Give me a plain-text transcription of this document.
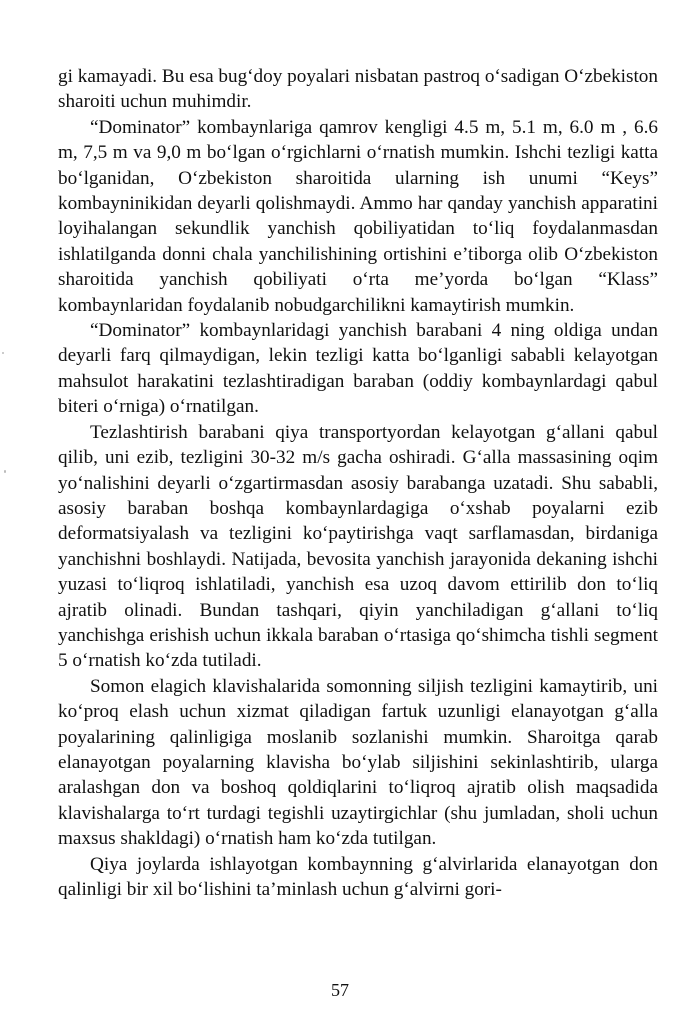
gi kamayadi. Bu esa bug‘doy poyalari nisbatan pastroq o‘sadigan O‘zbekiston sharoiti uchun muhimdir.

“Dominator” kombaynlariga qamrov kengligi 4.5 m, 5.1 m, 6.0 m , 6.6 m, 7,5 m va 9,0 m bo‘lgan o‘rgichlarni o‘rnatish mumkin. Ishchi tezligi katta bo‘lganidan, O‘zbekiston sharoitida ularning ish unumi “Keys” kombayninikidan deyarli qolishmaydi. Ammo har qanday yanchish apparatini loyihalangan sekundlik yanchish qobiliyatidan to‘liq foydalanmasdan ishlatilganda donni chala yanchilishining ortishini e’tiborga olib O‘zbekiston sharoitida yanchish qobiliyati o‘rta me’yorda bo‘lgan “Klass” kombaynlaridan foydalanib nobudgarchilikni kamaytirish mumkin.

“Dominator” kombaynlaridagi yanchish barabani 4 ning oldiga undan deyarli farq qilmaydigan, lekin tezligi katta bo‘lganligi sababli kelayotgan mahsulot harakatini tezlashtiradigan baraban (oddiy kombaynlardagi qabul biteri o‘rniga) o‘rnatilgan.

Tezlashtirish barabani qiya transportyordan kelayotgan g‘allani qabul qilib, uni ezib, tezligini 30-32 m/s gacha oshiradi. G‘alla massasining oqim yo‘nalishini deyarli o‘zgartirmasdan asosiy barabanga uzatadi. Shu sababli, asosiy baraban boshqa kombaynlardagiga o‘xshab poyalarni ezib deformatsiyalash va tezligini ko‘paytirishga vaqt sarflamasdan, birdaniga yanchishni boshlaydi. Natijada, bevosita yanchish jarayonida dekaning ishchi yuzasi to‘liqroq ishlatiladi, yanchish esa uzoq davom ettirilib don to‘liq ajratib olinadi. Bundan tashqari, qiyin yanchiladigan g‘allani to‘liq yanchishga erishish uchun ikkala baraban o‘rtasiga qo‘shimcha tishli segment 5 o‘rnatish ko‘zda tutiladi.

Somon elagich klavishalarida somonning siljish tezligini kamaytirib, uni ko‘proq elash uchun xizmat qiladigan fartuk uzunligi elanayotgan g‘alla poyalarining qalinligiga moslanib sozlanishi mumkin. Sharoitga qarab elanayotgan poyalarning klavisha bo‘ylab siljishini sekinlashtirib, ularga aralashgan don va boshoq qoldiqlarini to‘liqroq ajratib olish maqsadida klavishalarga to‘rt turdagi tegishli uzaytirgichlar (shu jumladan, sholi uchun maxsus shakldagi) o‘rnatish ham ko‘zda tutilgan.

Qiya joylarda ishlayotgan kombaynning g‘alvirlarida elanayotgan don qalinligi bir xil bo‘lishini ta’minlash uchun g‘alvirni gori-

57
